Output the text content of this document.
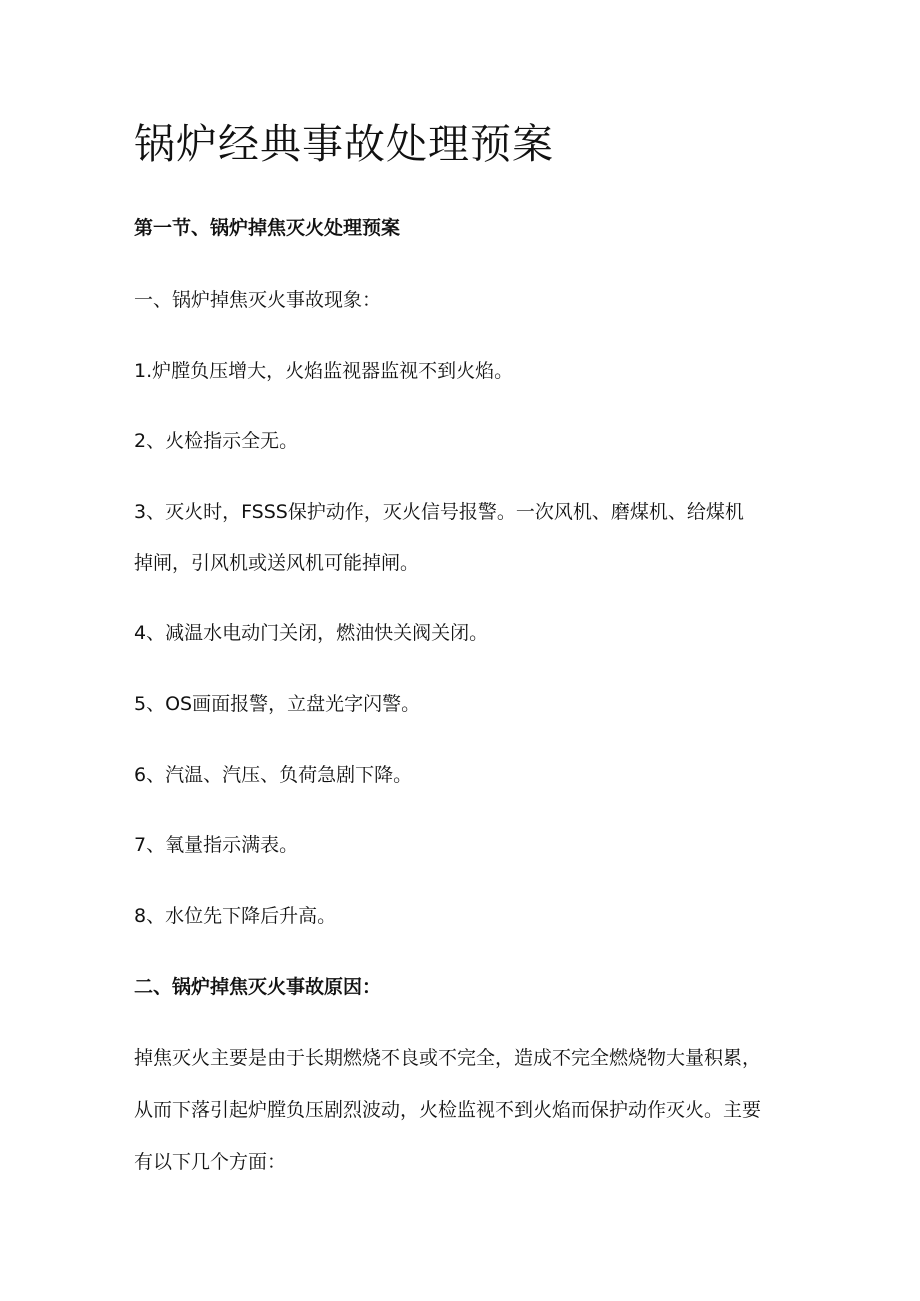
锅炉经典事故处理预案

第一节、锅炉掉焦灭火处理预案

一、锅炉掉焦灭火事故现象：

1.炉膛负压增大，火焰监视器监视不到火焰。

2、火检指示全无。

3、灭火时，FSSS保护动作，灭火信号报警。一次风机、磨煤机、给煤机

掉闸，引风机或送风机可能掉闸。

4、减温水电动门关闭，燃油快关阀关闭。

5、OS画面报警，立盘光字闪警。

6、汽温、汽压、负荷急剧下降。

7、氧量指示满表。

8、水位先下降后升高。

二、锅炉掉焦灭火事故原因：

掉焦灭火主要是由于长期燃烧不良或不完全，造成不完全燃烧物大量积累，
从而下落引起炉膛负压剧烈波动，火检监视不到火焰而保护动作灭火。主要
有以下几个方面：
